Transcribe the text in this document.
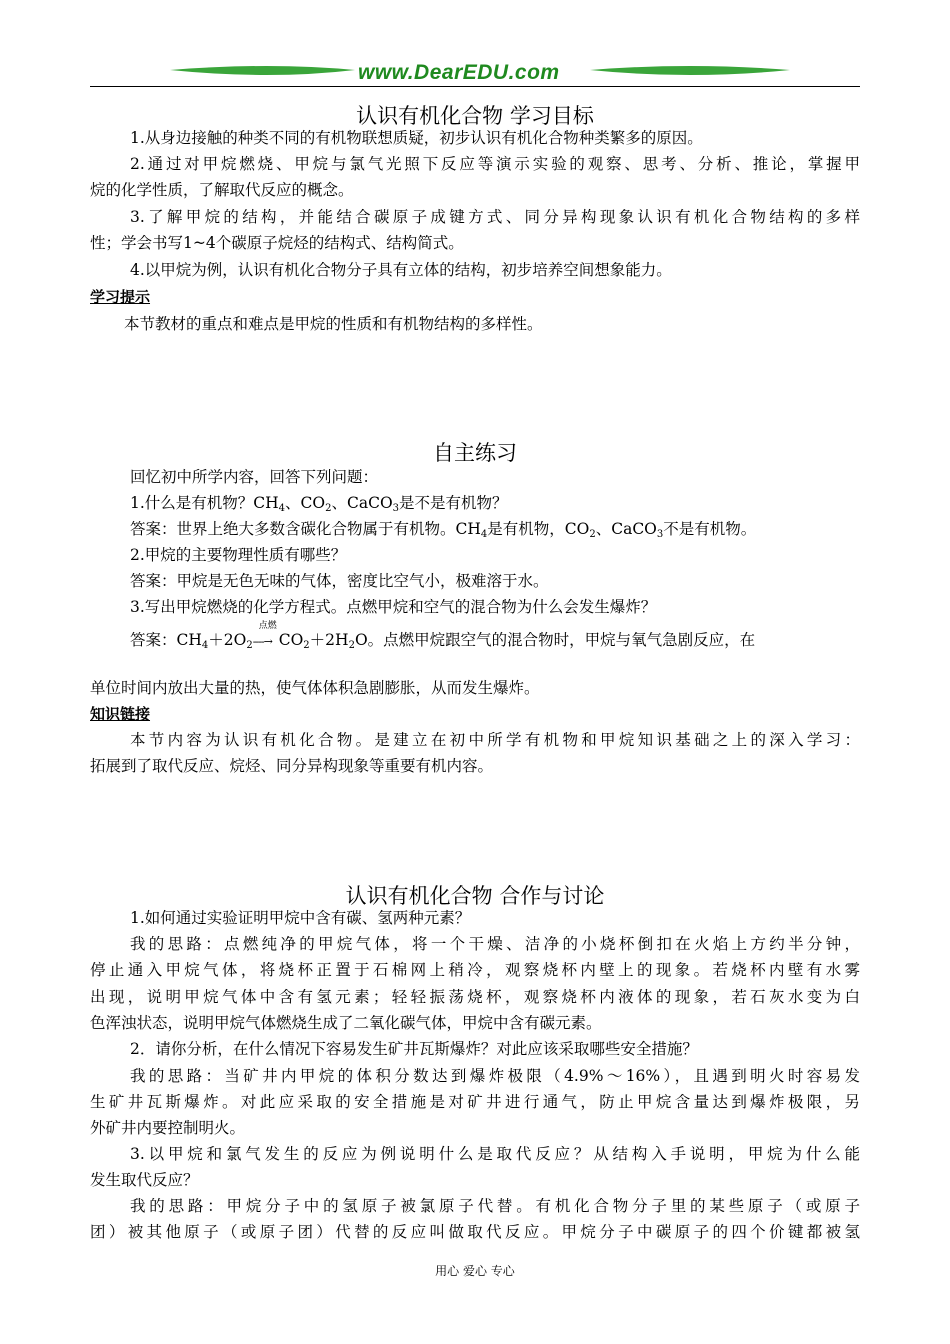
www.DearEDU.com
认识有机化合物 学习目标
1.从身边接触的种类不同的有机物联想质疑，初步认识有机化合物种类繁多的原因。
2.通过对甲烷燃烧、甲烷与氯气光照下反应等演示实验的观察、思考、分析、推论，掌握甲
烷的化学性质，了解取代反应的概念。
3.了解甲烷的结构，并能结合碳原子成键方式、同分异构现象认识有机化合物结构的多样
性；学会书写1~4个碳原子烷烃的结构式、结构简式。
4.以甲烷为例，认识有机化合物分子具有立体的结构，初步培养空间想象能力。
学习提示
本节教材的重点和难点是甲烷的性质和有机物结构的多样性。
自主练习
回忆初中所学内容，回答下列问题：
1.什么是有机物？$CH_4$、$CO_2$、CaCO$_3$是不是有机物？
答案：世界上绝大多数含碳化合物属于有机物。$CH_4$是有机物，$CO_2$、CaCO$_3$不是有机物。
2.甲烷的主要物理性质有哪些？
答案：甲烷是无色无味的气体，密度比空气小，极难溶于水。
3.写出甲烷燃烧的化学方程式。点燃甲烷和空气的混合物为什么会发生爆炸？
答案：$CH_4+2O_2$
点燃
----→ $CO_2+2H_2O$。点燃甲烷跟空气的混合物时，甲烷与氧气急剧反应，在
单位时间内放出大量的热，使气体体积急剧膨胀，从而发生爆炸。
知识链接
本节内容为认识有机化合物。是建立在初中所学有机物和甲烷知识基础之上的深入学习：
拓展到了取代反应、烷烃、同分异构现象等重要有机内容。
认识有机化合物 合作与讨论
1.如何通过实验证明甲烷中含有碳、氢两种元素？
我的思路：点燃纯净的甲烷气体，将一个干燥、洁净的小烧杯倒扣在火焰上方约半分钟，
停止通入甲烷气体，将烧杯正置于石棉网上稍冷，观察烧杯内壁上的现象。若烧杯内壁有水雾
出现，说明甲烷气体中含有氢元素；轻轻振荡烧杯，观察烧杯内液体的现象，若石灰水变为白
色浑浊状态，说明甲烷气体燃烧生成了二氧化碳气体，甲烷中含有碳元素。
2．请你分析，在什么情况下容易发生矿井瓦斯爆炸？对此应该采取哪些安全措施？
我的思路：当矿井内甲烷的体积分数达到爆炸极限（4.9%～16%），且遇到明火时容易发
生矿井瓦斯爆炸。对此应采取的安全措施是对矿井进行通气，防止甲烷含量达到爆炸极限，另
外矿井内要控制明火。
3.以甲烷和氯气发生的反应为例说明什么是取代反应？从结构入手说明，甲烷为什么能
发生取代反应？
我的思路：甲烷分子中的氢原子被氯原子代替。有机化合物分子里的某些原子（或原子
团）被其他原子（或原子团）代替的反应叫做取代反应。甲烷分子中碳原子的四个价键都被氢
用心 爱心 专心
